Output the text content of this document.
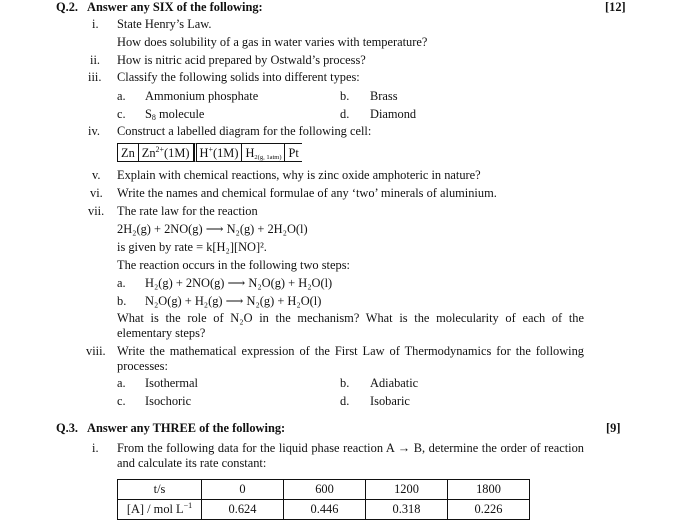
Q.2. Answer any SIX of the following:	[12]
i. State Henry’s Law.
How does solubility of a gas in water varies with temperature?
ii. How is nitric acid prepared by Ostwald’s process?
iii. Classify the following solids into different types:
a. Ammonium phosphate	b. Brass
c. $S_8$ molecule	d. Diamond
iv. Construct a labelled diagram for the following cell:
Zn $Zn^{2+}(1M)$ H+(1M) $H_{2(g, 1atm)}$ Pt
v. Explain with chemical reactions, why is zinc oxide amphoteric in nature?
vi. Write the names and chemical formulae of any ‘two’ minerals of aluminium.
vii. The rate law for the reaction
2H₂(g) + 2NO(g) ⟶ N₂(g) + 2H₂O(l)
is given by rate = k[H₂][NO]².
The reaction occurs in the following two steps:
a. H₂(g) + 2NO(g) ⟶ N₂O(g) + H₂O(l)
b. N₂O(g) + H₂(g) ⟶ N₂(g) + H₂O(l)
What is the role of N₂O in the mechanism? What is the molecularity of each of the elementary steps?
viii. Write the mathematical expression of the First Law of Thermodynamics for the following processes:
a. Isothermal	b. Adiabatic
c. Isochoric	d. Isobaric
Q.3. Answer any THREE of the following:	[9]
i. From the following data for the liquid phase reaction A → B, determine the order of reaction and calculate its rate constant:
t/s	0	600	1200	1800
[A] / mol $L^{-1}$	0.624	0.446	0.318	0.226
